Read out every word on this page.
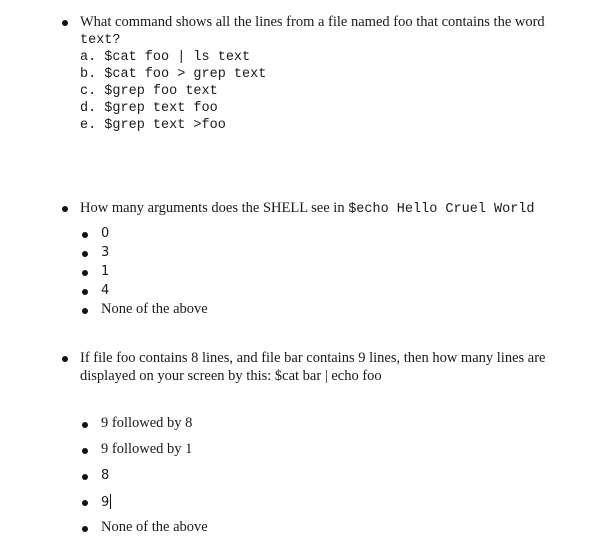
What command shows all the lines from a file named foo that contains the word
text?
a. $cat foo | ls text
b. $cat foo > grep text
c. $grep foo text
d. $grep text foo
e. $grep text >foo
How many arguments does the SHELL see in $echo Hello Cruel World
0
3
1
4
None of the above
If file foo contains 8 lines, and file bar contains 9 lines, then how many lines are
displayed on your screen by this: $cat bar | echo foo
9 followed by 8
9 followed by 1
8
9
None of the above
